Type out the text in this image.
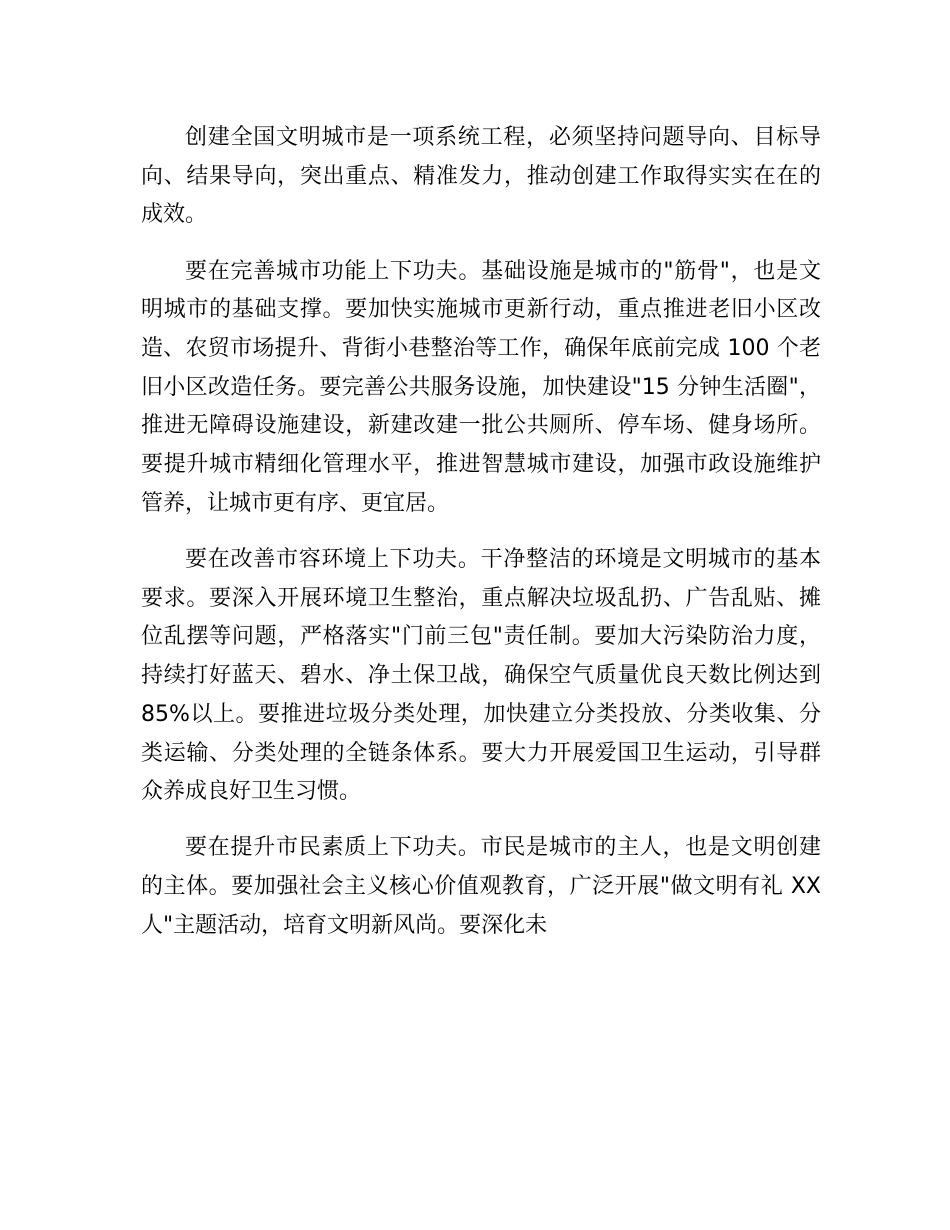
创建全国文明城市是一项系统工程，必须坚持问题导向、目标导向、结果导向，突出重点、精准发力，推动创建工作取得实实在在的成效。

要在完善城市功能上下功夫。基础设施是城市的"筋骨"，也是文明城市的基础支撑。要加快实施城市更新行动，重点推进老旧小区改造、农贸市场提升、背街小巷整治等工作，确保年底前完成 100 个老旧小区改造任务。要完善公共服务设施，加快建设"15 分钟生活圈"，推进无障碍设施建设，新建改建一批公共厕所、停车场、健身场所。要提升城市精细化管理水平，推进智慧城市建设，加强市政设施维护管养，让城市更有序、更宜居。

要在改善市容环境上下功夫。干净整洁的环境是文明城市的基本要求。要深入开展环境卫生整治，重点解决垃圾乱扔、广告乱贴、摊位乱摆等问题，严格落实"门前三包"责任制。要加大污染防治力度，持续打好蓝天、碧水、净土保卫战，确保空气质量优良天数比例达到 85%以上。要推进垃圾分类处理，加快建立分类投放、分类收集、分类运输、分类处理的全链条体系。要大力开展爱国卫生运动，引导群众养成良好卫生习惯。

要在提升市民素质上下功夫。市民是城市的主人，也是文明创建的主体。要加强社会主义核心价值观教育，广泛开展"做文明有礼 XX 人"主题活动，培育文明新风尚。要深化未
